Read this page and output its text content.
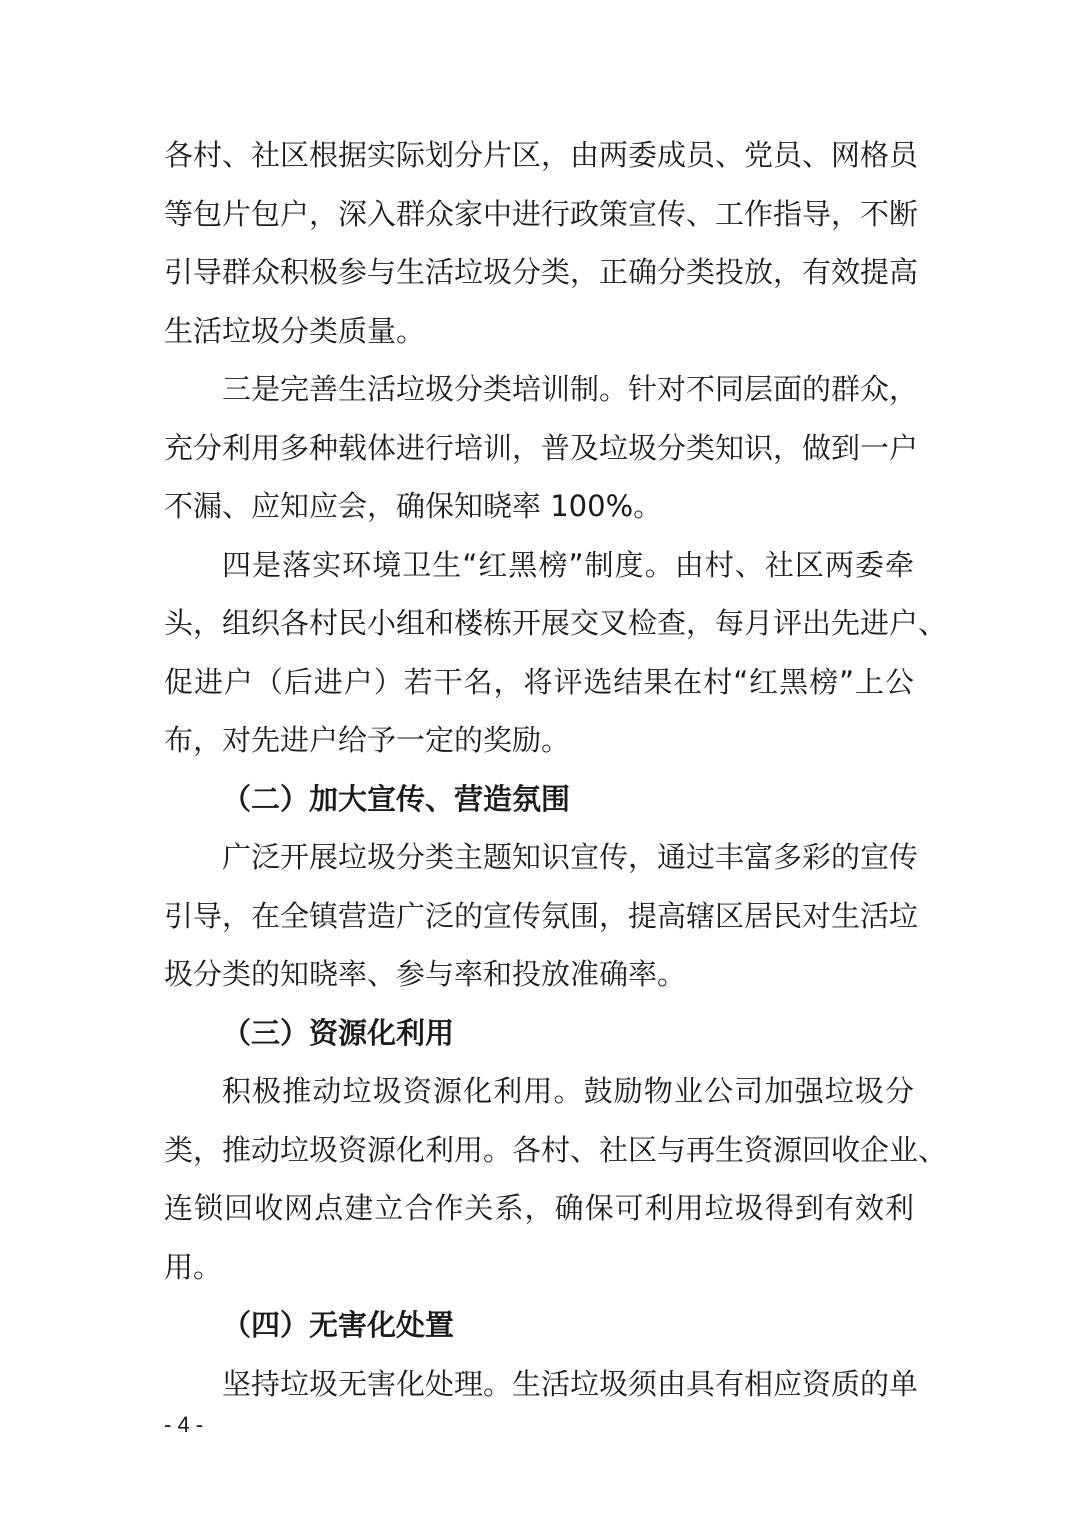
各村、社区根据实际划分片区，由两委成员、党员、网格员
等包片包户，深入群众家中进行政策宣传、工作指导，不断
引导群众积极参与生活垃圾分类，正确分类投放，有效提高
生活垃圾分类质量。
三是完善生活垃圾分类培训制。针对不同层面的群众，
充分利用多种载体进行培训，普及垃圾分类知识，做到一户
不漏、应知应会，确保知晓率 100%。
四是落实环境卫生“红黑榜”制度。由村、社区两委牵
头，组织各村民小组和楼栋开展交叉检查，每月评出先进户、
促进户（后进户）若干名，将评选结果在村“红黑榜”上公
布，对先进户给予一定的奖励。
（二）加大宣传、营造氛围
广泛开展垃圾分类主题知识宣传，通过丰富多彩的宣传
引导，在全镇营造广泛的宣传氛围，提高辖区居民对生活垃
圾分类的知晓率、参与率和投放准确率。
（三）资源化利用
积极推动垃圾资源化利用。鼓励物业公司加强垃圾分
类，推动垃圾资源化利用。各村、社区与再生资源回收企业、
连锁回收网点建立合作关系，确保可利用垃圾得到有效利
用。
（四）无害化处置
坚持垃圾无害化处理。生活垃圾须由具有相应资质的单
- 4 -
